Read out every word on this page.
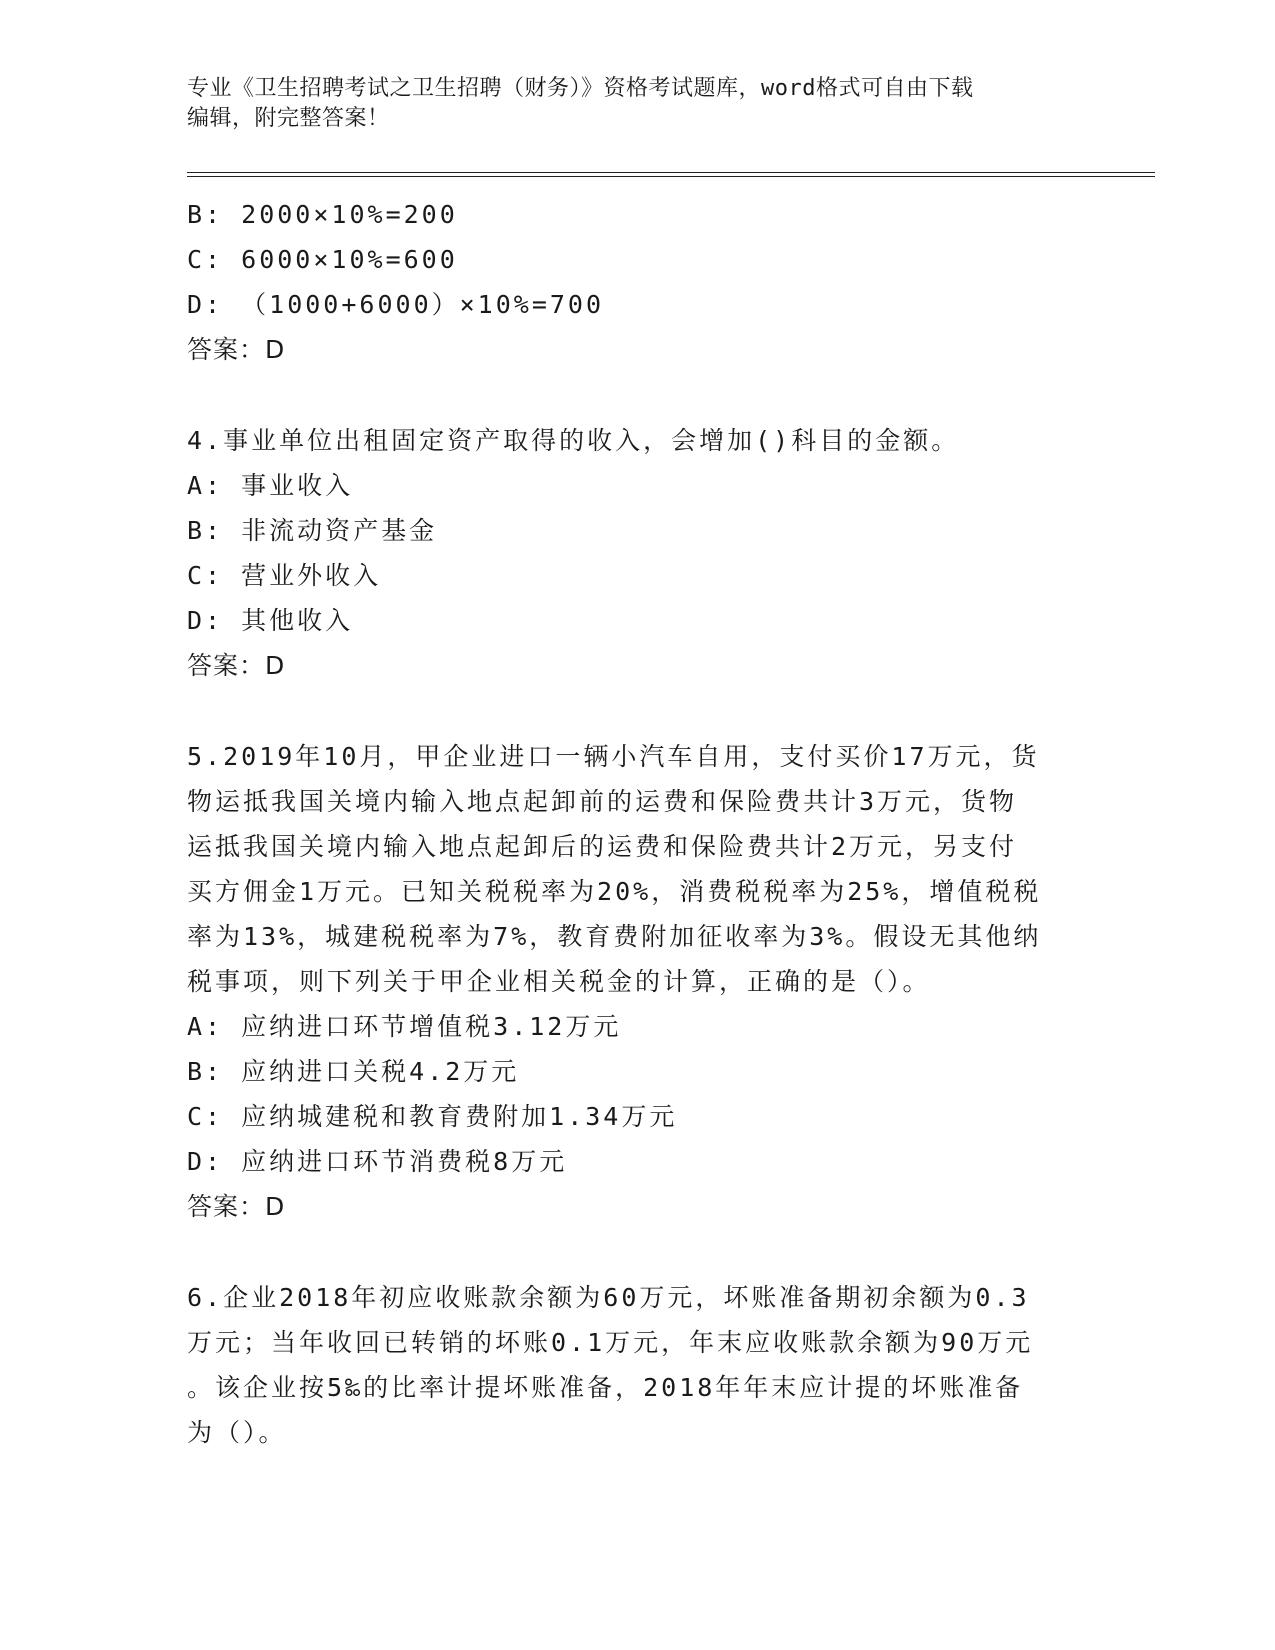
专业《卫生招聘考试之卫生招聘（财务）》资格考试题库，word格式可自由下载
编辑，附完整答案！
B: 2000×10%=200
C: 6000×10%=600
D: （1000+6000）×10%=700
答案：D
4.事业单位出租固定资产取得的收入，会增加()科目的金额。
A: 事业收入
B: 非流动资产基金
C: 营业外收入
D: 其他收入
答案：D
5.2019年10月，甲企业进口一辆小汽车自用，支付买价17万元，货
物运抵我国关境内输入地点起卸前的运费和保险费共计3万元，货物
运抵我国关境内输入地点起卸后的运费和保险费共计2万元，另支付
买方佣金1万元。已知关税税率为20%，消费税税率为25%，增值税税
率为13%，城建税税率为7%，教育费附加征收率为3%。假设无其他纳
税事项，则下列关于甲企业相关税金的计算，正确的是（）。
A: 应纳进口环节增值税3.12万元
B: 应纳进口关税4.2万元
C: 应纳城建税和教育费附加1.34万元
D: 应纳进口环节消费税8万元
答案：D
6.企业2018年初应收账款余额为60万元，坏账准备期初余额为0.3
万元；当年收回已转销的坏账0.1万元，年末应收账款余额为90万元
。该企业按5‰的比率计提坏账准备，2018年年末应计提的坏账准备
为（）。
